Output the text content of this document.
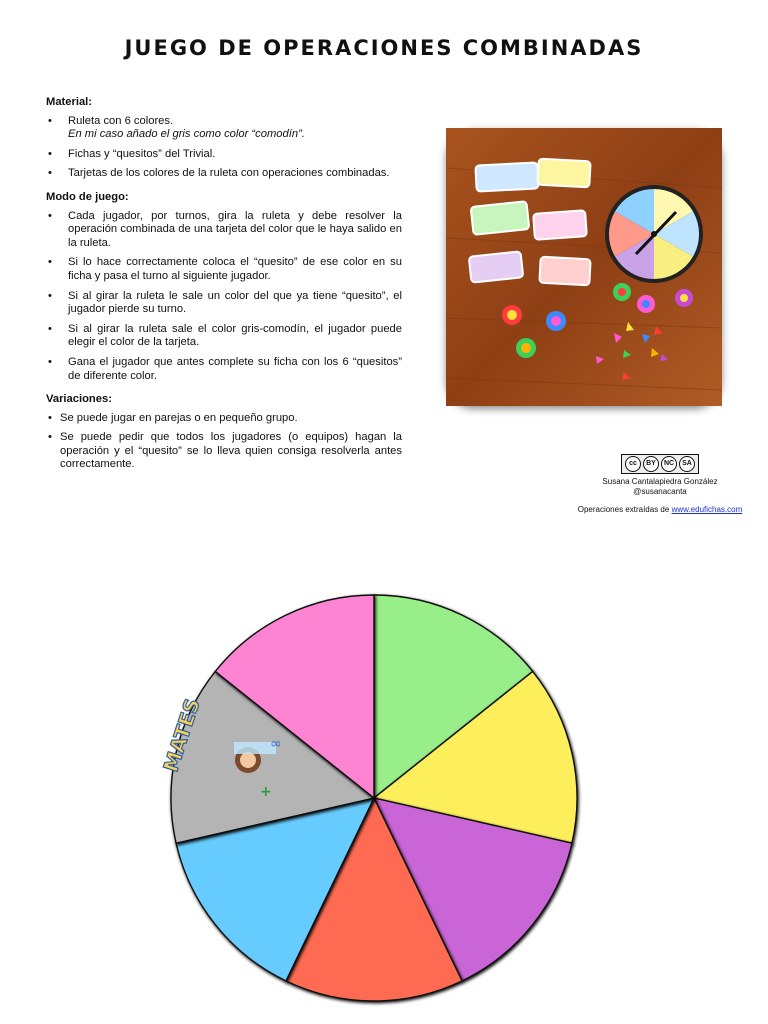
JUEGO DE OPERACIONES COMBINADAS
Material:
• Ruleta con 6 colores.
En mi caso añado el gris como color “comodín”.
• Fichas y “quesitos” del Trivial.
• Tarjetas de los colores de la ruleta con operaciones combinadas.
Modo de juego:
• Cada jugador, por turnos, gira la ruleta y debe resolver la operación combinada de una tarjeta del color que le haya salido en la ruleta.
• Si lo hace correctamente coloca el “quesito” de ese color en su ficha y pasa el turno al siguiente jugador.
• Si al girar la ruleta le sale un color del que ya tiene “quesito”, el jugador pierde su turno.
• Si al girar la ruleta sale el color gris-comodín, el jugador puede elegir el color de la tarjeta.
• Gana el jugador que antes complete su ficha con los 6 “quesitos” de diferente color.
Variaciones:
• Se puede jugar en parejas o en pequeño grupo.
• Se puede pedir que todos los jugadores (o equipos) hagan la operación y el “quesito” se lo lleva quien consiga resolverla antes correctamente.	cc	BY	NC	SA
Susana Cantalapiedra González
@susanacanta
Operaciones extraídas de www.edufichas.com
MATES
+
∞
